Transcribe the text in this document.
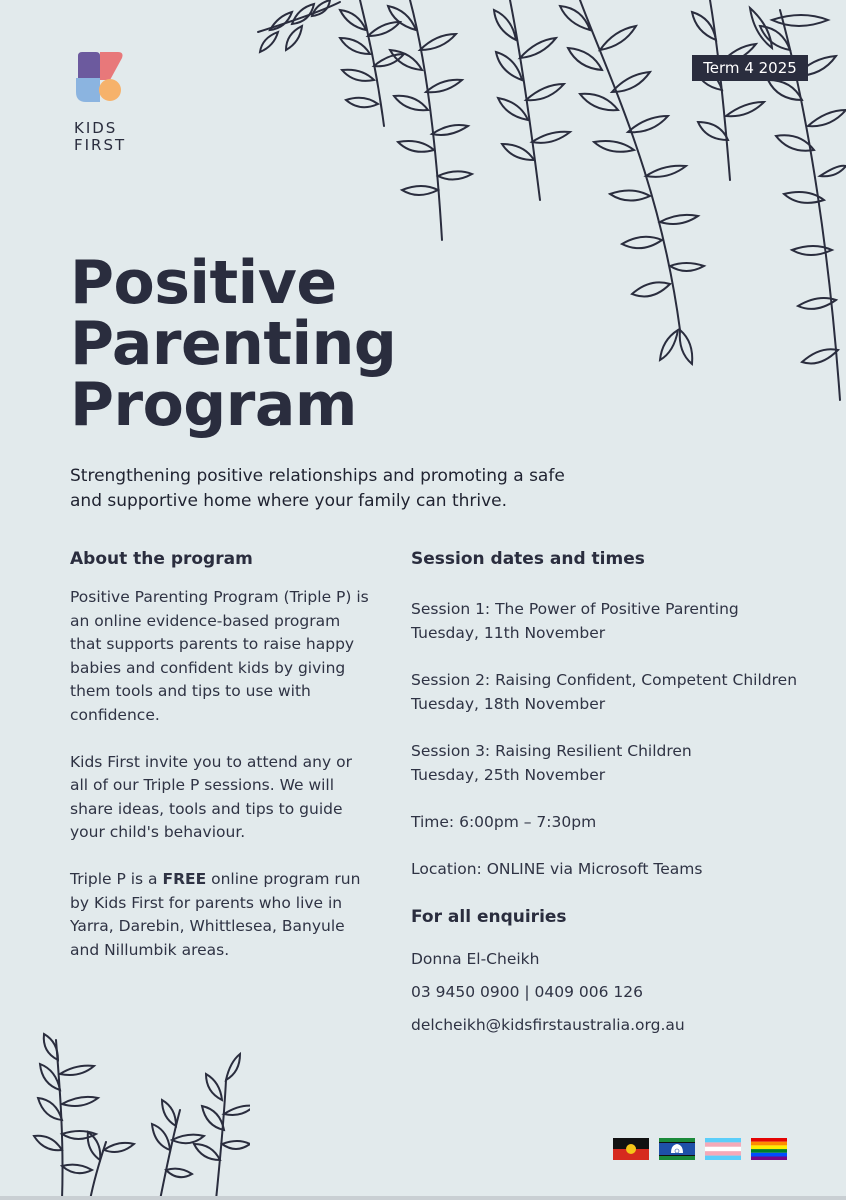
KIDS
FIRST
Term 4 2025
Positive
Parenting
Program

Strengthening positive relationships and promoting a safe and supportive home where your family can thrive.

About the program

Positive Parenting Program (Triple P) is an online evidence-based program that supports parents to raise happy babies and confident kids by giving them tools and tips to use with confidence.

Kids First invite you to attend any or all of our Triple P sessions. We will share ideas, tools and tips to guide your child's behaviour.

Triple P is a FREE online program run by Kids First for parents who live in Yarra, Darebin, Whittlesea, Banyule and Nillumbik areas.

Session dates and times

Session 1: The Power of Positive Parenting
Tuesday, 11th November

Session 2: Raising Confident, Competent Children
Tuesday, 18th November

Session 3: Raising Resilient Children
Tuesday, 25th November

Time: 6:00pm – 7:30pm

Location: ONLINE via Microsoft Teams

For all enquiries

Donna El-Cheikh

03 9450 0900 | 0409 006 126

delcheikh@kidsfirstaustralia.org.au
